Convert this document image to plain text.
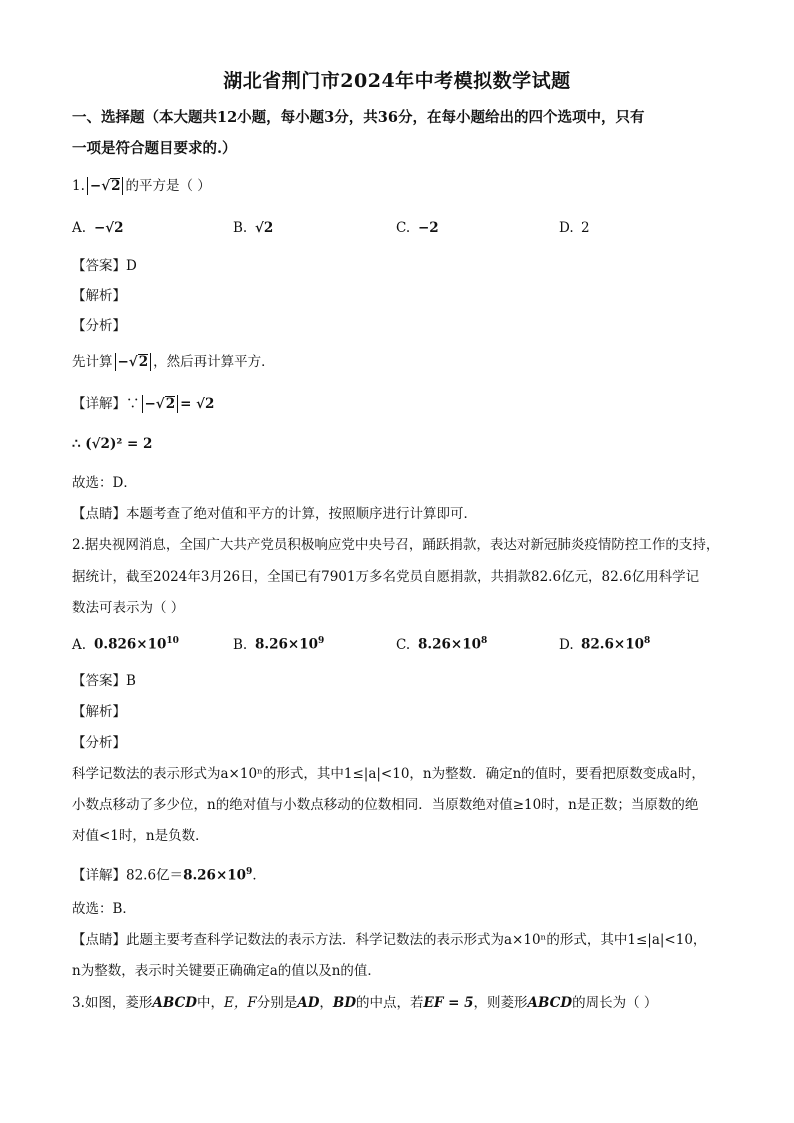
湖北省荆门市2024年中考模拟数学试题
一、选择题（本大题共12小题，每小题3分，共36分，在每小题给出的四个选项中，只有
一项是符合题目要求的.）
1. −√2 的平方是（ ）
A. −√2	B. √2	C. −2	D. 2
【答案】D
【解析】
【分析】
先计算 −√2 ，然后再计算平方．
【详解】∵ −√2 = √2
∴ (√2)² = 2
故选：D．
【点睛】本题考查了绝对值和平方的计算，按照顺序进行计算即可．
2.据央视网消息，全国广大共产党员积极响应党中央号召，踊跃捐款，表达对新冠肺炎疫情防控工作的支持，
据统计，截至2024年3月26日，全国已有7901万多名党员自愿捐款，共捐款82.6亿元，82.6亿用科学记
数法可表示为（ ）
A. $0.826\times 10^{10}$	B. $8.26\times 10^9$	C. $8.26\times 10^8$	D. $82.6\times 10^8$
【答案】B
【解析】
【分析】
科学记数法的表示形式为a×10ⁿ的形式，其中1≤|a|<10，n为整数．确定n的值时，要看把原数变成a时，
小数点移动了多少位，n的绝对值与小数点移动的位数相同．当原数绝对值≥10时，n是正数；当原数的绝
对值<1时，n是负数．
【详解】82.6亿$=8.26\times 10^9$．
故选：B．
【点睛】此题主要考查科学记数法的表示方法．科学记数法的表示形式为a×10ⁿ的形式，其中1≤|a|<10，
n为整数，表示时关键要正确确定a的值以及n的值．
3.如图，菱形ABCD中，E，F分别是AD，BD的中点，若EF = 5，则菱形ABCD的周长为（ ）
